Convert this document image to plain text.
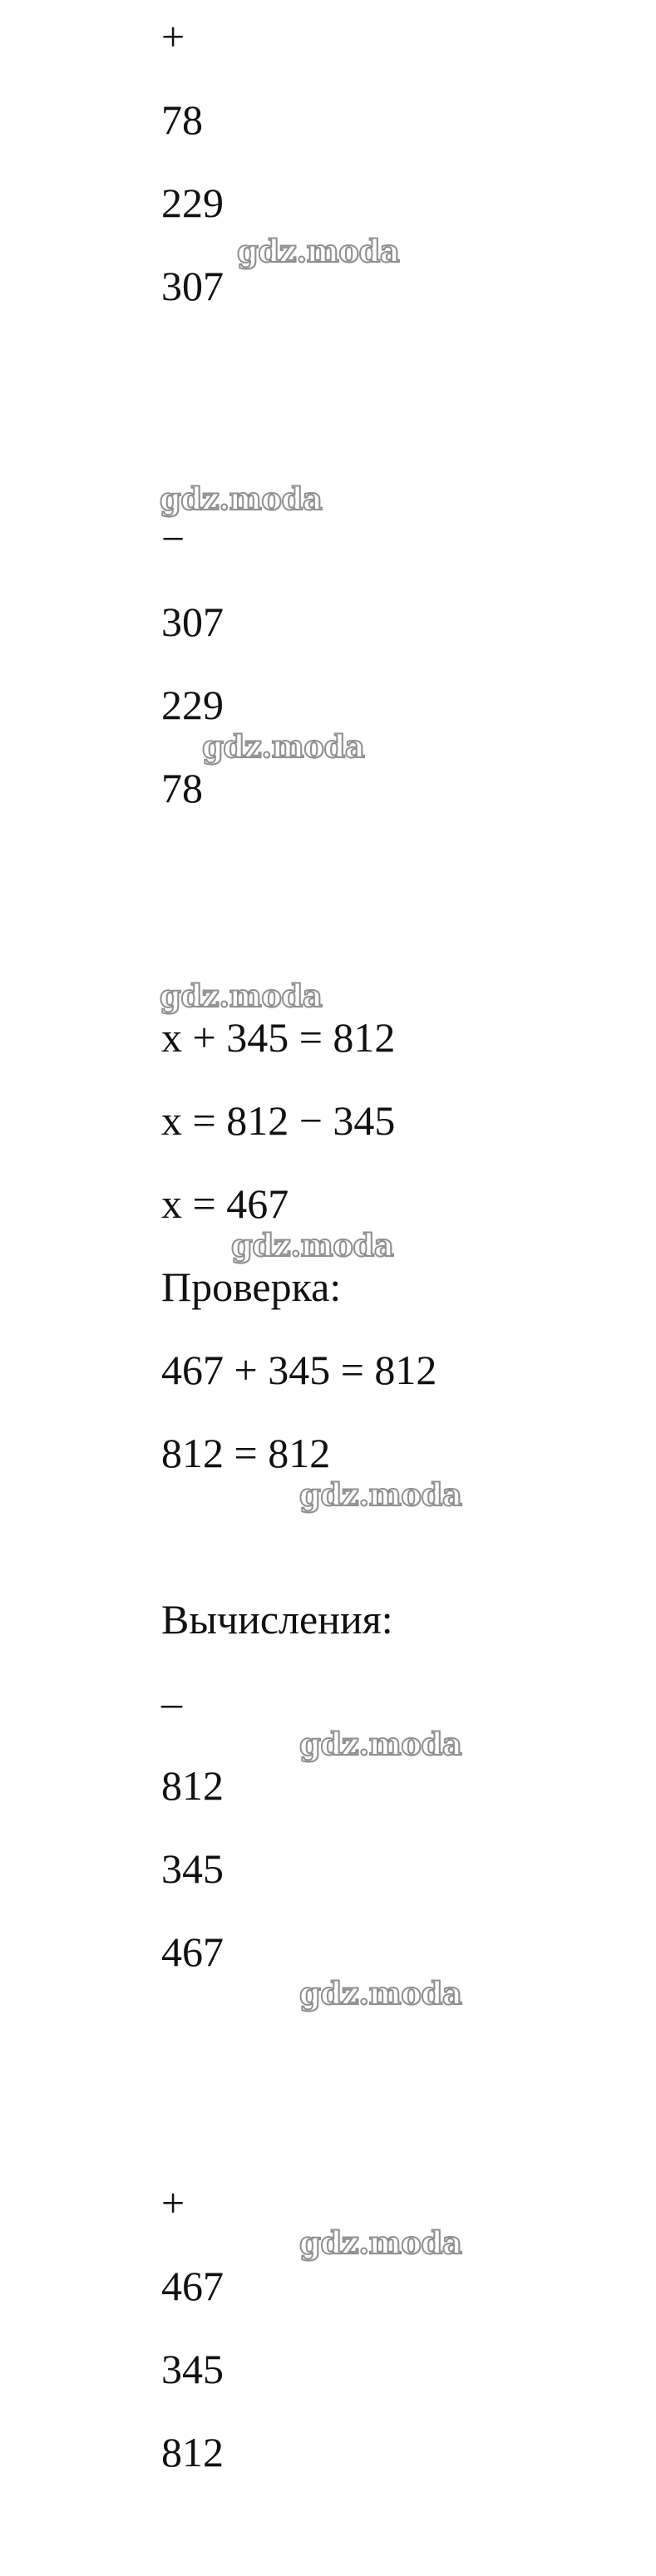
+

78

229

307

−

307

229

78

x + 345 = 812

x = 812 − 345

x = 467

Проверка:

467 + 345 = 812

812 = 812

Вычисления:

–

812

345

467

+

467

345

812

gdz.moda
gdz.moda
gdz.moda
gdz.moda
gdz.moda
gdz.moda
gdz.moda
gdz.moda
gdz.moda
